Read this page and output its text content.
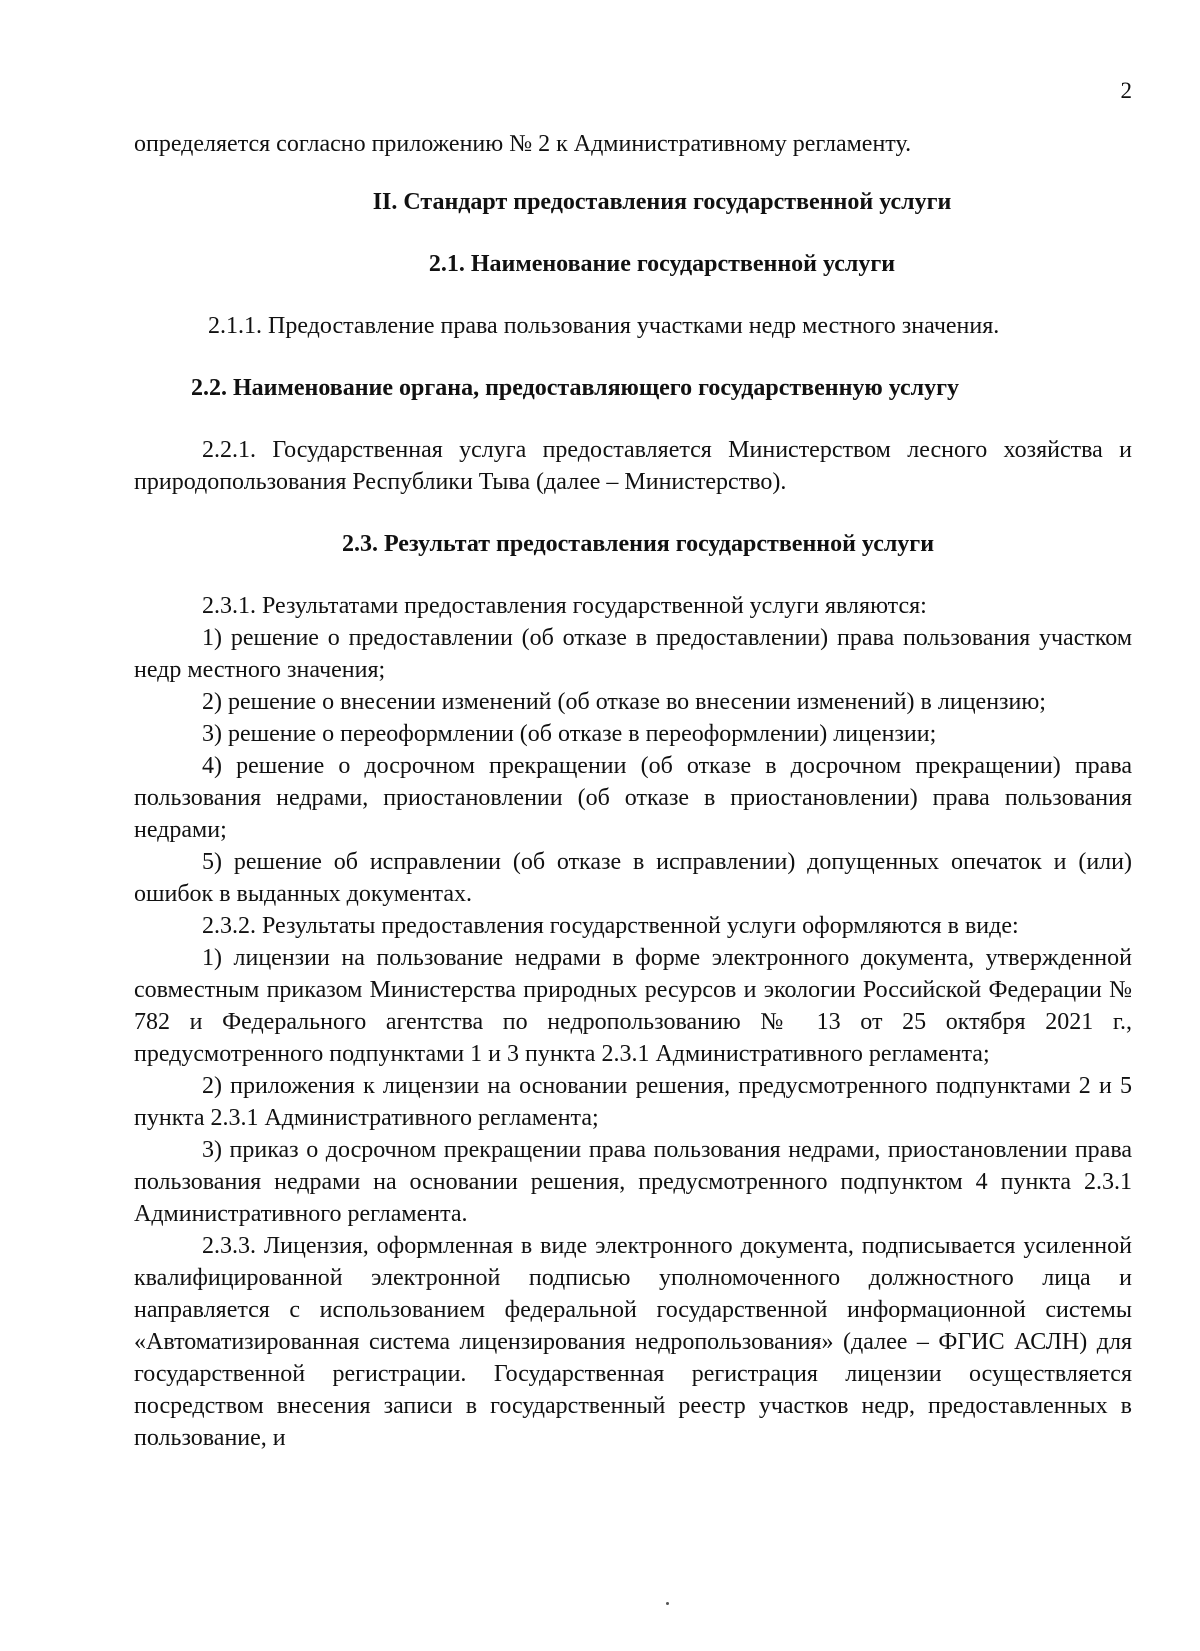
2

определяется согласно приложению № 2 к Административному регламенту.

II. Стандарт предоставления государственной услуги
2.1. Наименование государственной услуги

2.1.1. Предоставление права пользования участками недр местного значения.

2.2. Наименование органа, предоставляющего государственную услугу

2.2.1. Государственная услуга предоставляется Министерством лесного хозяйства и природопользования Республики Тыва (далее – Министерство).

2.3. Результат предоставления государственной услуги

2.3.1. Результатами предоставления государственной услуги являются:

1) решение о предоставлении (об отказе в предоставлении) права пользования участком недр местного значения;

2) решение о внесении изменений (об отказе во внесении изменений) в лицензию;

3) решение о переоформлении (об отказе в переоформлении) лицензии;

4) решение о досрочном прекращении (об отказе в досрочном прекращении) права пользования недрами, приостановлении (об отказе в приостановлении) права пользования недрами;

5) решение об исправлении (об отказе в исправлении) допущенных опечаток и (или) ошибок в выданных документах.

2.3.2. Результаты предоставления государственной услуги оформляются в виде:

1) лицензии на пользование недрами в форме электронного документа, утвержденной совместным приказом Министерства природных ресурсов и экологии Российской Федерации № 782 и Федерального агентства по недропользованию № 13 от 25 октября 2021 г., предусмотренного подпунктами 1 и 3 пункта 2.3.1 Административного регламента;

2) приложения к лицензии на основании решения, предусмотренного подпунктами 2 и 5 пункта 2.3.1 Административного регламента;

3) приказ о досрочном прекращении права пользования недрами, приостановлении права пользования недрами на основании решения, предусмотренного подпунктом 4 пункта 2.3.1 Административного регламента.

2.3.3. Лицензия, оформленная в виде электронного документа, подписывается усиленной квалифицированной электронной подписью уполномоченного должностного лица и направляется с использованием федеральной государственной информационной системы «Автоматизированная система лицензирования недропользования» (далее – ФГИС АСЛН) для государственной регистрации. Государственная регистрация лицензии осуществляется посредством внесения записи в государственный реестр участков недр, предоставленных в пользование, и
